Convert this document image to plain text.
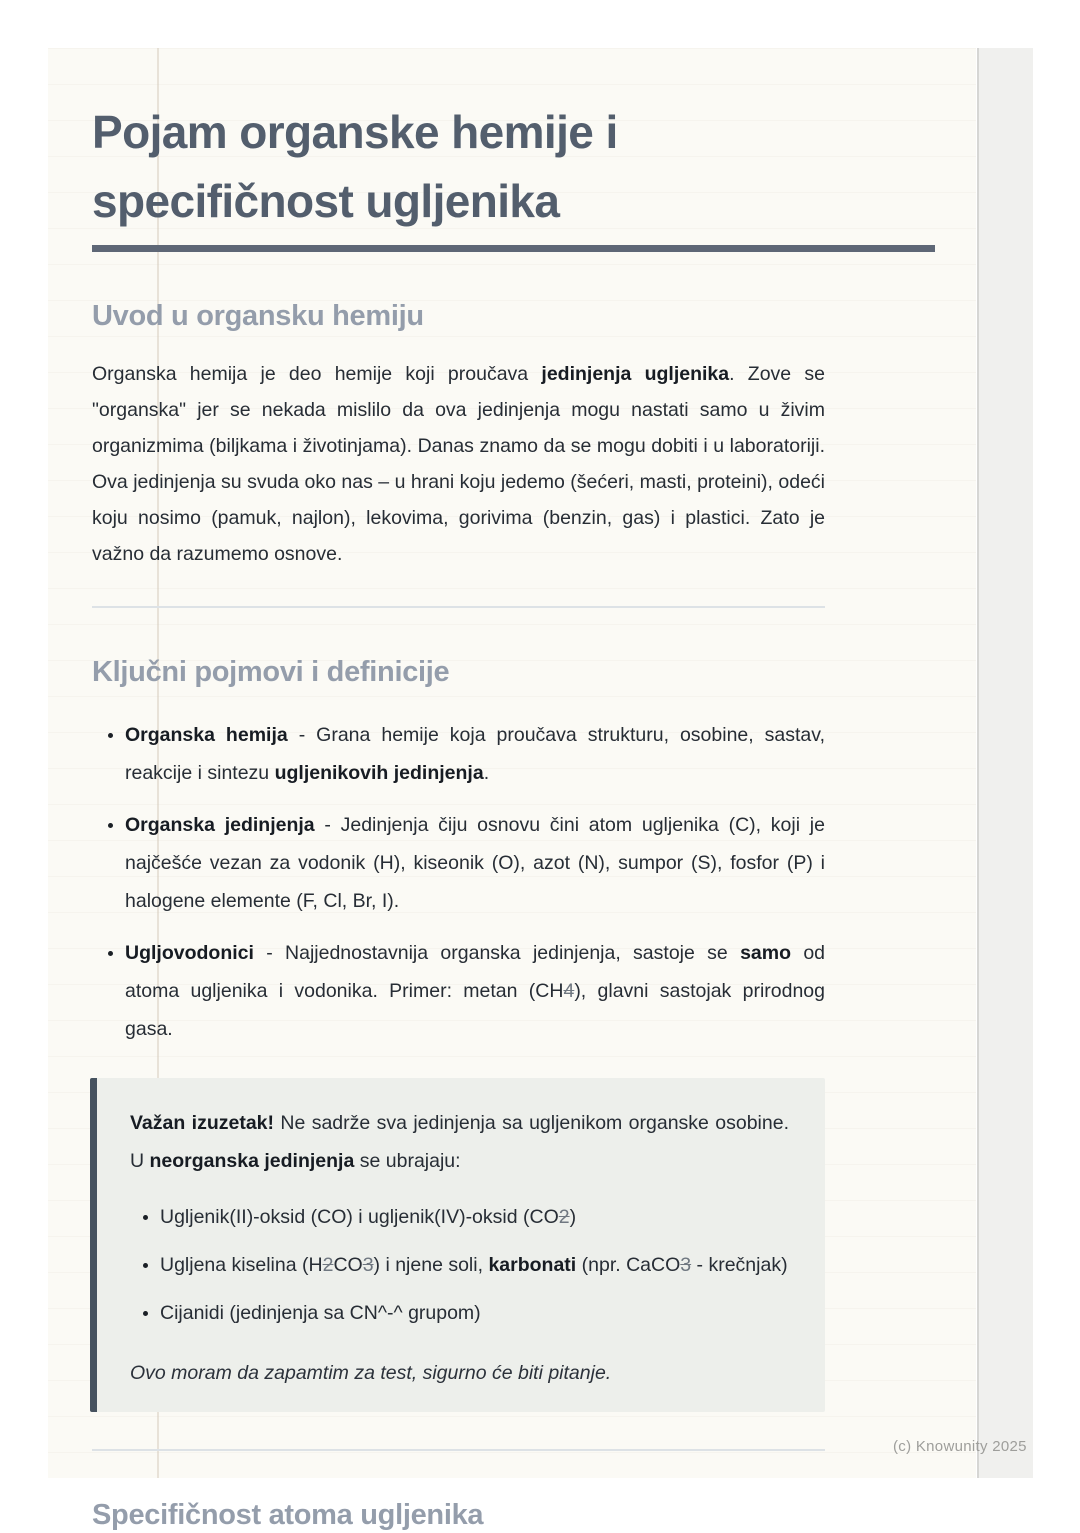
Pojam organske hemije i specifičnost ugljenika
Uvod u organsku hemiju

Organska hemija je deo hemije koji proučava jedinjenja ugljenika. Zove se "organska" jer se nekada mislilo da ova jedinjenja mogu nastati samo u živim organizmima (biljkama i životinjama). Danas znamo da se mogu dobiti i u laboratoriji. Ova jedinjenja su svuda oko nas – u hrani koju jedemo (šećeri, masti, proteini), odeći koju nosimo (pamuk, najlon), lekovima, gorivima (benzin, gas) i plastici. Zato je važno da razumemo osnove.

Ključni pojmovi i definicije
• Organska hemija - Grana hemije koja proučava strukturu, osobine, sastav, reakcije i sintezu ugljenikovih jedinjenja.
• Organska jedinjenja - Jedinjenja čiju osnovu čini atom ugljenika (C), koji je najčešće vezan za vodonik (H), kiseonik (O), azot (N), sumpor (S), fosfor (P) i halogene elemente (F, Cl, Br, I).
• Ugljovodonici - Najjednostavnija organska jedinjenja, sastoje se samo od atoma ugljenika i vodonika. Primer: metan (CH4), glavni sastojak prirodnog gasa.

Važan izuzetak! Ne sadrže sva jedinjenja sa ugljenikom organske osobine. U neorganska jedinjenja se ubrajaju:

• Ugljenik(II)-oksid (CO) i ugljenik(IV)-oksid (CO2)
• Ugljena kiselina (H2CO3) i njene soli, karbonati (npr. CaCO3 - krečnjak)
• Cijanidi (jedinjenja sa CN^-^ grupom)

Ovo moram da zapamtim za test, sigurno će biti pitanje.

Specifičnost atoma ugljenika
(c) Knowunity 2025
